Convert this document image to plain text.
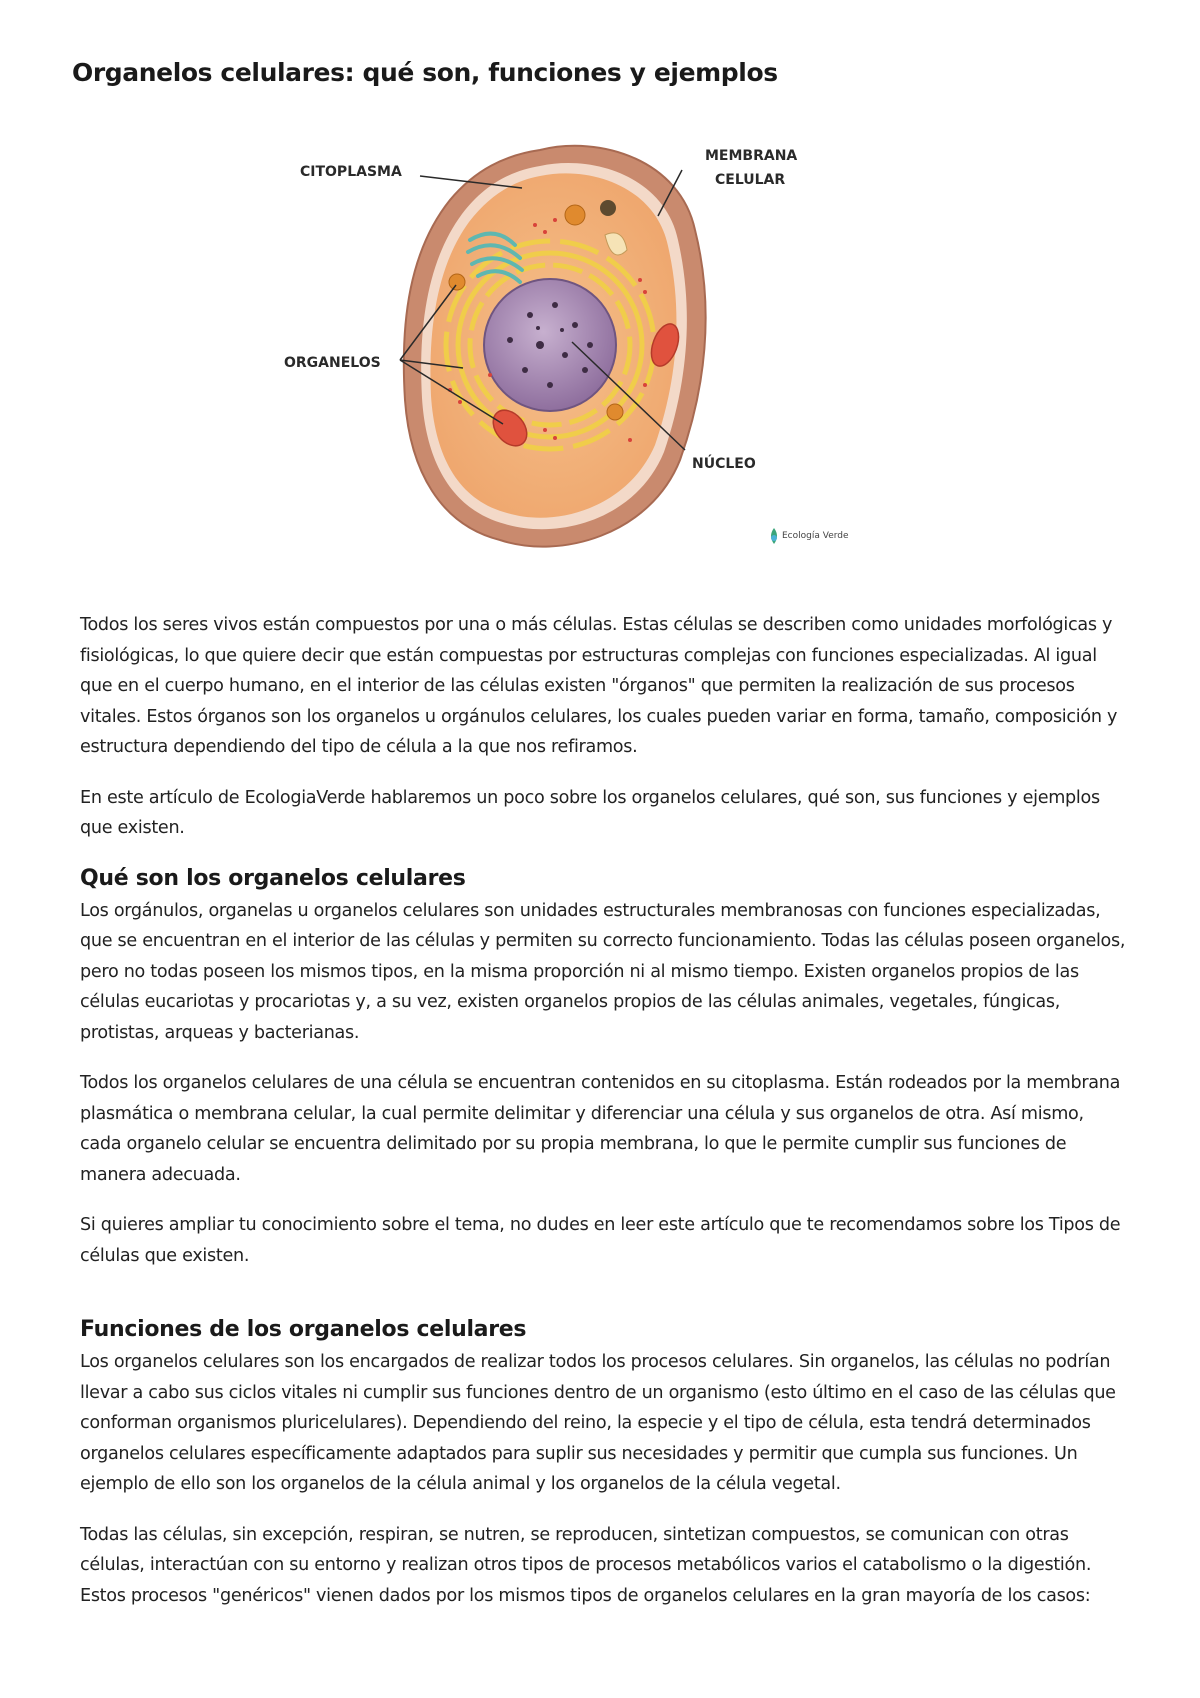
Organelos celulares: qué son, funciones y ejemplos
CITOPLASMA
MEMBRANA
CELULAR
ORGANELOS
NÚCLEO
Ecología Verde

Todos los seres vivos están compuestos por una o más células. Estas células se describen como unidades morfológicas y fisiológicas, lo que quiere decir que están compuestas por estructuras complejas con funciones especializadas. Al igual que en el cuerpo humano, en el interior de las células existen "órganos" que permiten la realización de sus procesos vitales. Estos órganos son los organelos u orgánulos celulares, los cuales pueden variar en forma, tamaño, composición y estructura dependiendo del tipo de célula a la que nos refiramos.

En este artículo de EcologiaVerde hablaremos un poco sobre los organelos celulares, qué son, sus funciones y ejemplos que existen.

Qué son los organelos celulares

Los orgánulos, organelas u organelos celulares son unidades estructurales membranosas con funciones especializadas, que se encuentran en el interior de las células y permiten su correcto funcionamiento. Todas las células poseen organelos, pero no todas poseen los mismos tipos, en la misma proporción ni al mismo tiempo. Existen organelos propios de las células eucariotas y procariotas y, a su vez, existen organelos propios de las células animales, vegetales, fúngicas, protistas, arqueas y bacterianas.

Todos los organelos celulares de una célula se encuentran contenidos en su citoplasma. Están rodeados por la membrana plasmática o membrana celular, la cual permite delimitar y diferenciar una célula y sus organelos de otra. Así mismo, cada organelo celular se encuentra delimitado por su propia membrana, lo que le permite cumplir sus funciones de manera adecuada.

Si quieres ampliar tu conocimiento sobre el tema, no dudes en leer este artículo que te recomendamos sobre los Tipos de células que existen.

Funciones de los organelos celulares

Los organelos celulares son los encargados de realizar todos los procesos celulares. Sin organelos, las células no podrían llevar a cabo sus ciclos vitales ni cumplir sus funciones dentro de un organismo (esto último en el caso de las células que conforman organismos pluricelulares). Dependiendo del reino, la especie y el tipo de célula, esta tendrá determinados organelos celulares específicamente adaptados para suplir sus necesidades y permitir que cumpla sus funciones. Un ejemplo de ello son los organelos de la célula animal y los organelos de la célula vegetal.

Todas las células, sin excepción, respiran, se nutren, se reproducen, sintetizan compuestos, se comunican con otras células, interactúan con su entorno y realizan otros tipos de procesos metabólicos varios el catabolismo o la digestión. Estos procesos "genéricos" vienen dados por los mismos tipos de organelos celulares en la gran mayoría de los casos:
